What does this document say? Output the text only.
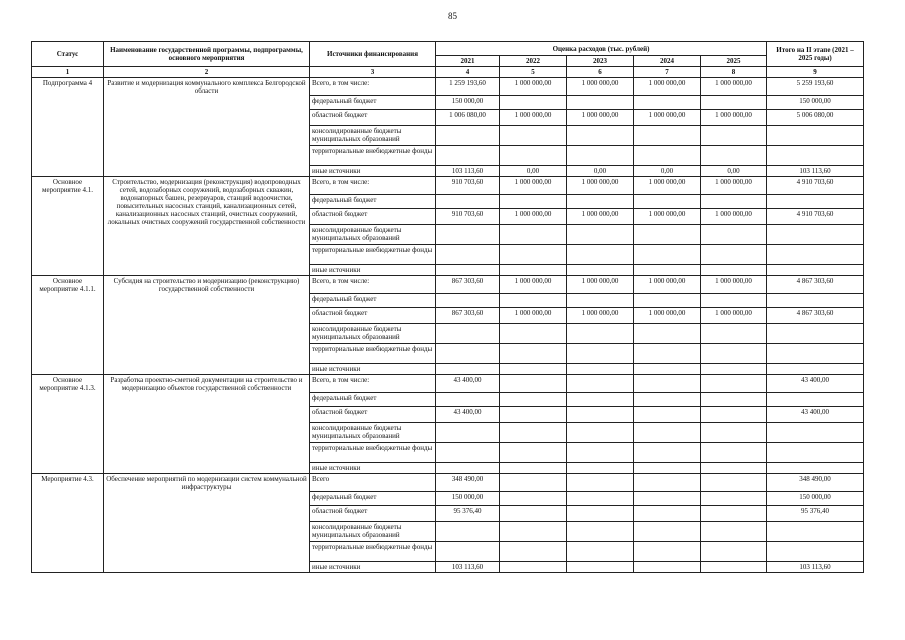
85
Статус	Наименование государственной программы, подпрограммы, основного мероприятия	Источники финансирования	Оценка расходов (тыс. рублей)					Итого на II этапе (2021 – 2025 годы)
			2021	2022	2023	2024	2025	
1	2	3	4	5	6	7	8	9
Подпрограмма 4	Развитие и модернизация коммунального комплекса Белгородской области	Всего, в том числе:	1 259 193,60	1 000 000,00	1 000 000,00	1 000 000,00	1 000 000,00	5 259 193,60
		федеральный бюджет	150 000,00					150 000,00
		областной бюджет	1 006 080,00	1 000 000,00	1 000 000,00	1 000 000,00	1 000 000,00	5 006 080,00
		консолидированные бюджеты муниципальных образований						
		территориальные внебюджетные фонды						
		иные источники	103 113,60	0,00	0,00	0,00	0,00	103 113,60
Основное мероприятие 4.1.	Строительство, модернизация (реконструкция) водопроводных сетей, водозаборных сооружений, водозаборных скважин, водонапорных башен, резервуаров, станций водоочистки, повысительных насосных станций, канализационных сетей, канализационных насосных станций, очистных сооружений, локальных очистных сооружений государственной собственности	Всего, в том числе:	910 703,60	1 000 000,00	1 000 000,00	1 000 000,00	1 000 000,00	4 910 703,60
		федеральный бюджет						
		областной бюджет	910 703,60	1 000 000,00	1 000 000,00	1 000 000,00	1 000 000,00	4 910 703,60
		консолидированные бюджеты муниципальных образований						
		территориальные внебюджетные фонды						
		иные источники						
Основное мероприятие 4.1.1.	Субсидия на строительство и модернизацию (реконструкцию) государственной собственности	Всего, в том числе:	867 303,60	1 000 000,00	1 000 000,00	1 000 000,00	1 000 000,00	4 867 303,60
		федеральный бюджет						
		областной бюджет	867 303,60	1 000 000,00	1 000 000,00	1 000 000,00	1 000 000,00	4 867 303,60
		консолидированные бюджеты муниципальных образований						
		территориальные внебюджетные фонды						
		иные источники						
Основное мероприятие 4.1.3.	Разработка проектно-сметной документации на строительство и модернизацию объектов государственной собственности	Всего, в том числе:	43 400,00					43 400,00
		федеральный бюджет						
		областной бюджет	43 400,00					43 400,00
		консолидированные бюджеты муниципальных образований						
		территориальные внебюджетные фонды						
		иные источники						
Мероприятие 4.3.	Обеспечение мероприятий по модернизации систем коммунальной инфраструктуры	Всего	348 490,00					348 490,00
		федеральный бюджет	150 000,00					150 000,00
		областной бюджет	95 376,40					95 376,40
		консолидированные бюджеты муниципальных образований						
		территориальные внебюджетные фонды						
		иные источники	103 113,60					103 113,60
